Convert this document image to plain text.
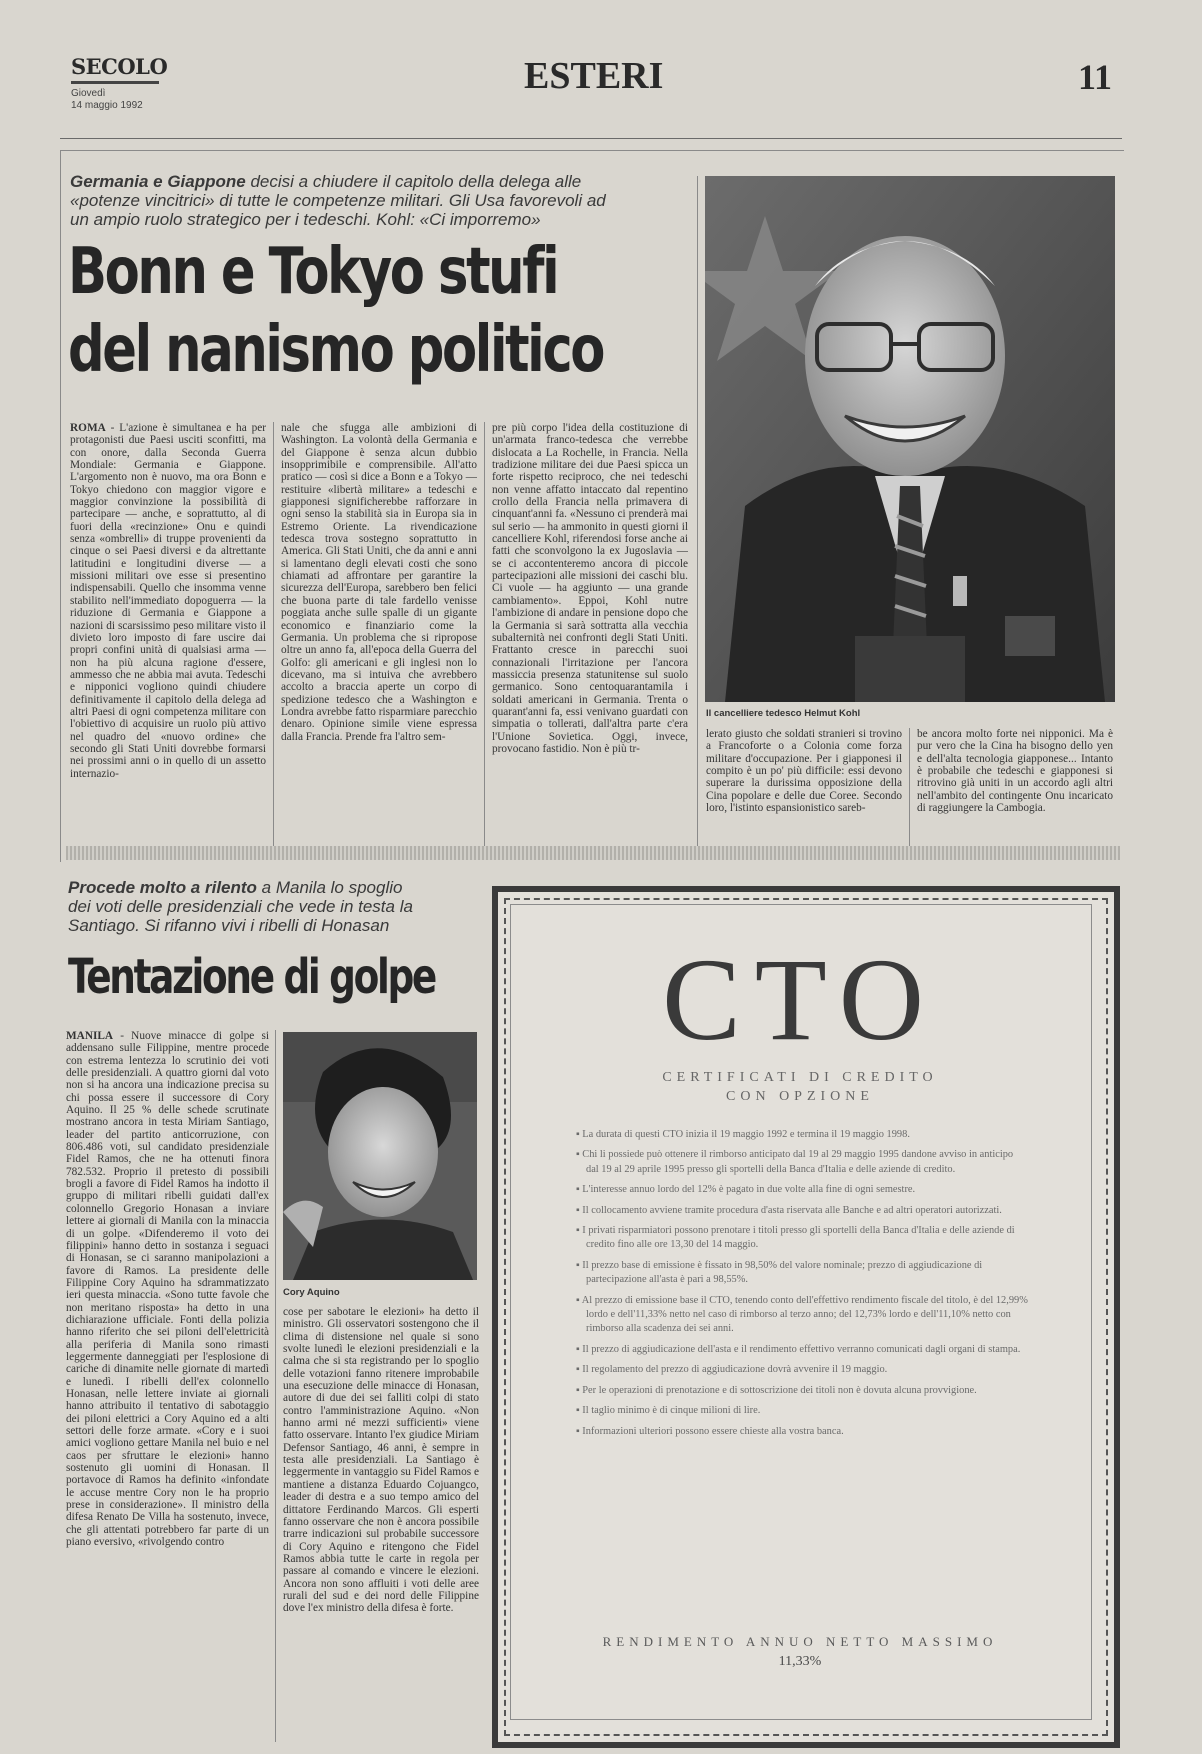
SECOLO
Giovedì
14 maggio 1992
ESTERI	11
Germania e Giappone decisi a chiudere il capitolo della delega alle «potenze vincitrici» di tutte le competenze militari. Gli Usa favorevoli ad un ampio ruolo strategico per i tedeschi. Kohl: «Ci imporremo»
Bonn e Tokyo stufi
del nanismo politico
Il cancelliere tedesco Helmut Kohl
ROMA - L'azione è simultanea e ha per protagonisti due Paesi usciti sconfitti, ma con onore, dalla Seconda Guerra Mondiale: Germania e Giappone. L'argomento non è nuovo, ma ora Bonn e Tokyo chiedono con maggior vigore e maggior convinzione la possibilità di partecipare — anche, e soprattutto, al di fuori della «recinzione» Onu e quindi senza «ombrelli» di truppe provenienti da cinque o sei Paesi diversi e da altrettante latitudini e longitudini diverse — a missioni militari ove esse si presentino indispensabili. Quello che insomma venne stabilito nell'immediato dopoguerra — la riduzione di Germania e Giappone a nazioni di scarsissimo peso militare visto il divieto loro imposto di fare uscire dai propri confini unità di qualsiasi arma — non ha più alcuna ragione d'essere, ammesso che ne abbia mai avuta. Tedeschi e nipponici vogliono quindi chiudere definitivamente il capitolo della delega ad altri Paesi di ogni competenza militare con l'obiettivo di acquisire un ruolo più attivo nel quadro del «nuovo ordine» che secondo gli Stati Uniti dovrebbe formarsi nei prossimi anni o in quello di un assetto internazio-
nale che sfugga alle ambizioni di Washington. La volontà della Germania e del Giappone è senza alcun dubbio insopprimibile e comprensibile. All'atto pratico — così si dice a Bonn e a Tokyo — restituire «libertà militare» a tedeschi e giapponesi significherebbe rafforzare in ogni senso la stabilità sia in Europa sia in Estremo Oriente. La rivendicazione tedesca trova sostegno soprattutto in America. Gli Stati Uniti, che da anni e anni si lamentano degli elevati costi che sono chiamati ad affrontare per garantire la sicurezza dell'Europa, sarebbero ben felici che buona parte di tale fardello venisse poggiata anche sulle spalle di un gigante economico e finanziario come la Germania. Un problema che si ripropose oltre un anno fa, all'epoca della Guerra del Golfo: gli americani e gli inglesi non lo dicevano, ma si intuiva che avrebbero accolto a braccia aperte un corpo di spedizione tedesco che a Washington e Londra avrebbe fatto risparmiare parecchio denaro. Opinione simile viene espressa dalla Francia. Prende fra l'altro sem-
pre più corpo l'idea della costituzione di un'armata franco-tedesca che verrebbe dislocata a La Rochelle, in Francia. Nella tradizione militare dei due Paesi spicca un forte rispetto reciproco, che nei tedeschi non venne affatto intaccato dal repentino crollo della Francia nella primavera di cinquant'anni fa. «Nessuno ci prenderà mai sul serio — ha ammonito in questi giorni il cancelliere Kohl, riferendosi forse anche ai fatti che sconvolgono la ex Jugoslavia — se ci accontenteremo ancora di piccole partecipazioni alle missioni dei caschi blu. Ci vuole — ha aggiunto — una grande cambiamento». Eppoi, Kohl nutre l'ambizione di andare in pensione dopo che la Germania si sarà sottratta alla vecchia subalternità nei confronti degli Stati Uniti. Frattanto cresce in parecchi suoi connazionali l'irritazione per l'ancora massiccia presenza statunitense sul suolo germanico. Sono centoquarantamila i soldati americani in Germania. Trenta o quarant'anni fa, essi venivano guardati con simpatia o tollerati, dall'altra parte c'era l'Unione Sovietica. Oggi, invece, provocano fastidio. Non è più tr-
lerato giusto che soldati stranieri si trovino a Francoforte o a Colonia come forza militare d'occupazione. Per i giapponesi il compito è un po' più difficile: essi devono superare la durissima opposizione della Cina popolare e delle due Coree. Secondo loro, l'istinto espansionistico sareb-
be ancora molto forte nei nipponici. Ma è pur vero che la Cina ha bisogno dello yen e dell'alta tecnologia giapponese... Intanto è probabile che tedeschi e giapponesi si ritrovino già uniti in un accordo agli altri nell'ambito del contingente Onu incaricato di raggiungere la Cambogia.
Procede molto a rilento a Manila lo spoglio dei voti delle presidenziali che vede in testa la Santiago. Si rifanno vivi i ribelli di Honasan
Tentazione di golpe
MANILA - Nuove minacce di golpe si addensano sulle Filippine, mentre procede con estrema lentezza lo scrutinio dei voti delle presidenziali. A quattro giorni dal voto non si ha ancora una indicazione precisa su chi possa essere il successore di Cory Aquino. Il 25 % delle schede scrutinate mostrano ancora in testa Miriam Santiago, leader del partito anticorruzione, con 806.486 voti, sul candidato presidenziale Fidel Ramos, che ne ha ottenuti finora 782.532. Proprio il pretesto di possibili brogli a favore di Fidel Ramos ha indotto il gruppo di militari ribelli guidati dall'ex colonnello Gregorio Honasan a inviare lettere ai giornali di Manila con la minaccia di un golpe. «Difenderemo il voto dei filippini» hanno detto in sostanza i seguaci di Honasan, se ci saranno manipolazioni a favore di Ramos. La presidente delle Filippine Cory Aquino ha sdrammatizzato ieri questa minaccia. «Sono tutte favole che non meritano risposta» ha detto in una dichiarazione ufficiale. Fonti della polizia hanno riferito che sei piloni dell'elettricità alla periferia di Manila sono rimasti leggermente danneggiati per l'esplosione di cariche di dinamite nelle giornate di martedì e lunedì. I ribelli dell'ex colonnello Honasan, nelle lettere inviate ai giornali hanno attribuito il tentativo di sabotaggio dei piloni elettrici a Cory Aquino ed a alti settori delle forze armate. «Cory e i suoi amici vogliono gettare Manila nel buio e nel caos per sfruttare le elezioni» hanno sostenuto gli uomini di Honasan. Il portavoce di Ramos ha definito «infondate le accuse mentre Cory non le ha proprio prese in considerazione». Il ministro della difesa Renato De Villa ha sostenuto, invece, che gli attentati potrebbero far parte di un piano eversivo, «rivolgendo contro
Cory Aquino
cose per sabotare le elezioni» ha detto il ministro. Gli osservatori sostengono che il clima di distensione nel quale si sono svolte lunedì le elezioni presidenziali e la calma che si sta registrando per lo spoglio delle votazioni fanno ritenere improbabile una esecuzione delle minacce di Honasan, autore di due dei sei falliti colpi di stato contro l'amministrazione Aquino. «Non hanno armi né mezzi sufficienti» viene fatto osservare. Intanto l'ex giudice Miriam Defensor Santiago, 46 anni, è sempre in testa alle presidenziali. La Santiago è leggermente in vantaggio su Fidel Ramos e mantiene a distanza Eduardo Cojuangco, leader di destra e a suo tempo amico del dittatore Ferdinando Marcos. Gli esperti fanno osservare che non è ancora possibile trarre indicazioni sul probabile successore di Cory Aquino e ritengono che Fidel Ramos abbia tutte le carte in regola per passare al comando e vincere le elezioni. Ancora non sono affluiti i voti delle aree rurali del sud e dei nord delle Filippine dove l'ex ministro della difesa è forte.
CTO
CERTIFICATI DI CREDITO
CON OPZIONE
▪ La durata di questi CTO inizia il 19 maggio 1992 e termina il 19 maggio 1998.
▪ Chi li possiede può ottenere il rimborso anticipato dal 19 al 29 maggio 1995 dandone avviso in anticipo dal 19 al 29 aprile 1995 presso gli sportelli della Banca d'Italia e delle aziende di credito.
▪ L'interesse annuo lordo del 12% è pagato in due volte alla fine di ogni semestre.
▪ Il collocamento avviene tramite procedura d'asta riservata alle Banche e ad altri operatori autorizzati.
▪ I privati risparmiatori possono prenotare i titoli presso gli sportelli della Banca d'Italia e delle aziende di credito fino alle ore 13,30 del 14 maggio.
▪ Il prezzo base di emissione è fissato in 98,50% del valore nominale; prezzo di aggiudicazione di partecipazione all'asta è pari a 98,55%.
▪ Al prezzo di emissione base il CTO, tenendo conto dell'effettivo rendimento fiscale del titolo, è del 12,99% lordo e dell'11,33% netto nel caso di rimborso al terzo anno; del 12,73% lordo e dell'11,10% netto con rimborso alla scadenza dei sei anni.
▪ Il prezzo di aggiudicazione dell'asta e il rendimento effettivo verranno comunicati dagli organi di stampa.
▪ Il regolamento del prezzo di aggiudicazione dovrà avvenire il 19 maggio.
▪ Per le operazioni di prenotazione e di sottoscrizione dei titoli non è dovuta alcuna provvigione.
▪ Il taglio minimo è di cinque milioni di lire.
▪ Informazioni ulteriori possono essere chieste alla vostra banca.
RENDIMENTO ANNUO NETTO MASSIMO
11,33%
